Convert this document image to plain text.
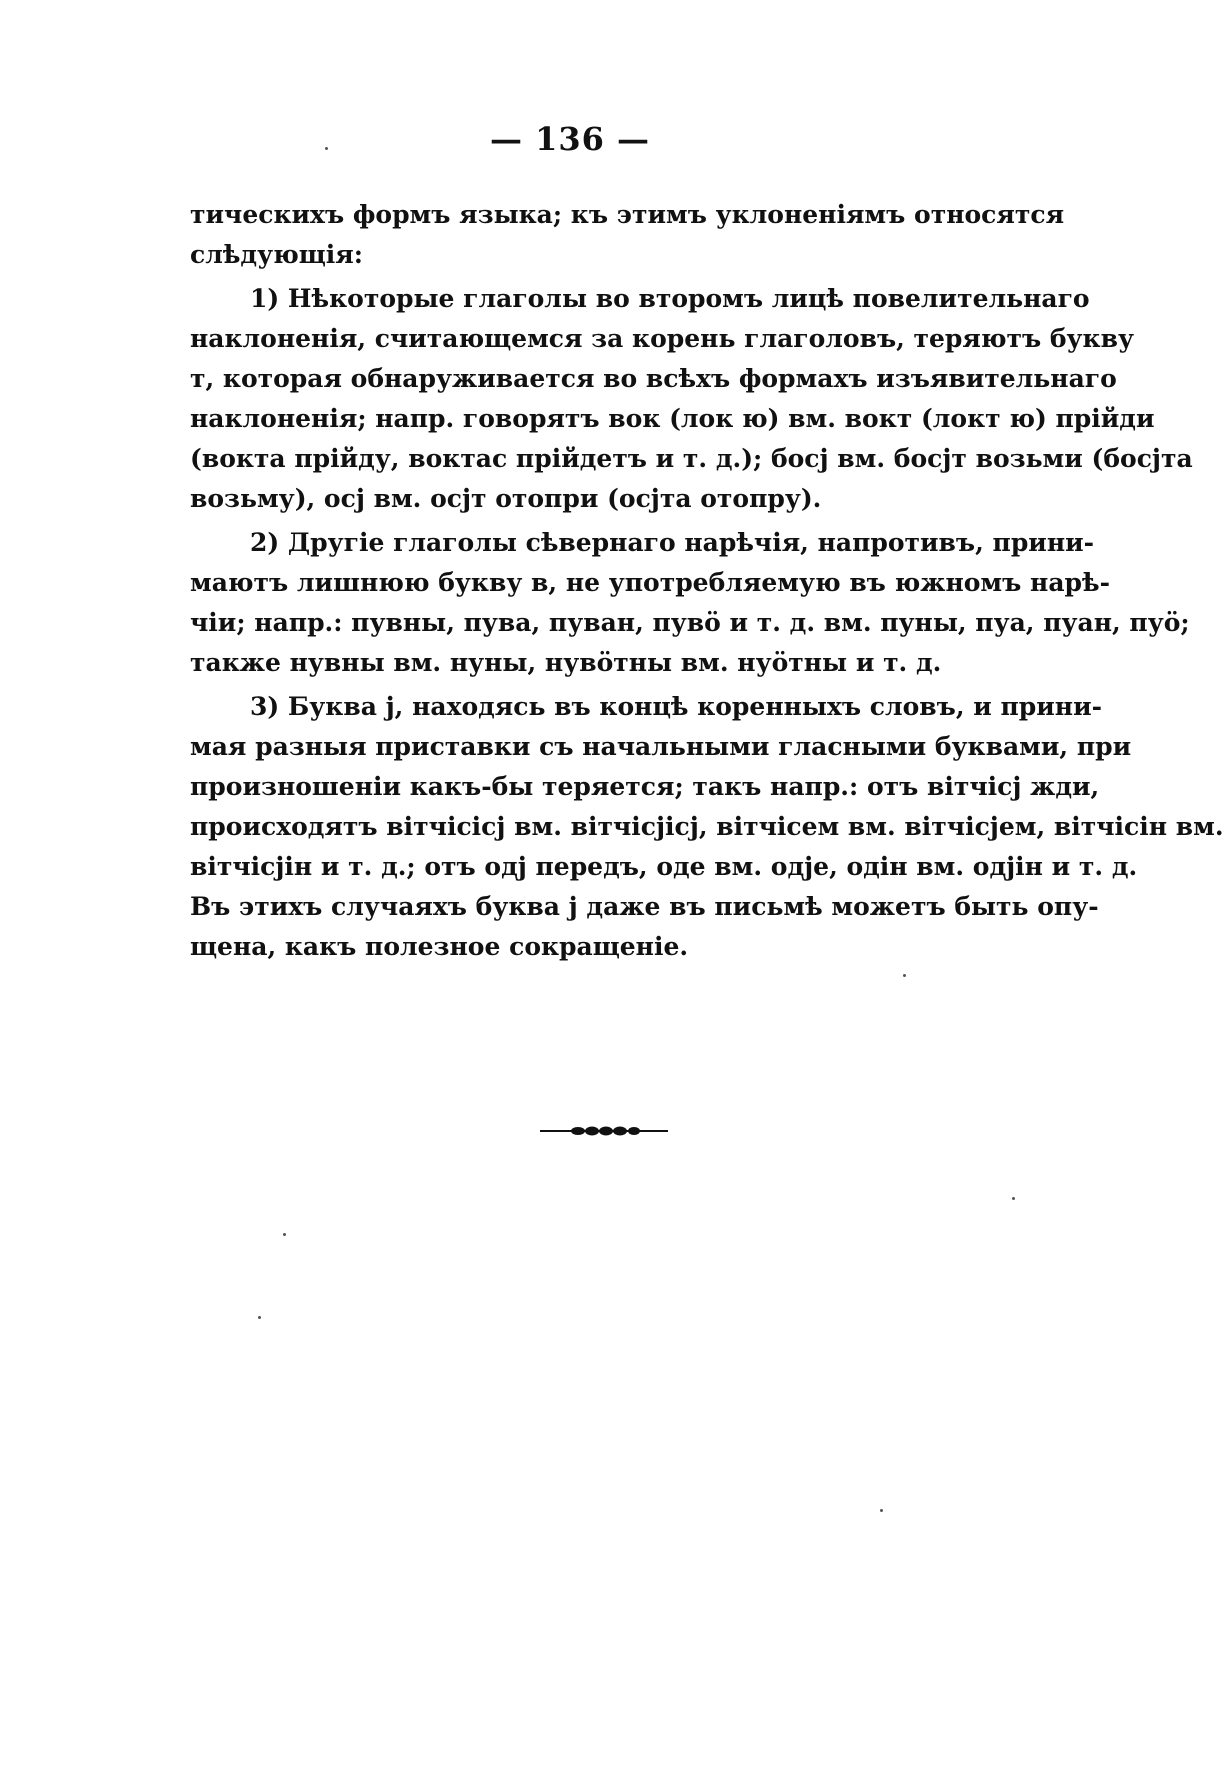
— 136 —
тическихъ формъ языка; къ этимъ уклоненіямъ относятся
слѣдующія:
1) Нѣкоторые глаголы во второмъ лицѣ повелительнаго
наклоненія, считающемся за корень глаголовъ, теряютъ букву
т, которая обнаруживается во всѣхъ формахъ изъявительнаго
наклоненія; напр. говорятъ вок (лок ю) вм. вокт (локт ю) прійди
(вокта прійду, воктас прійдетъ и т. д.); босј вм. босјт возьми (босјта
возьму), осј вм. осјт отопри (осјта отопру).
2) Другіе глаголы сѣвернаго нарѣчія, напротивъ, прини-
маютъ лишнюю букву в, не употребляемую въ южномъ нарѣ-
чіи; напр.: пувны, пува, пуван, пувӧ и т. д. вм. пуны, пуа, пуан, пуӧ;
также нувны вм. нуны, нувӧтны вм. нуӧтны и т. д.
3) Буква ј, находясь въ концѣ коренныхъ словъ, и прини-
мая разныя приставки съ начальными гласными буквами, при
произношеніи какъ-бы теряется; такъ напр.: отъ вітчісј жди,
происходятъ вітчісісј вм. вітчісјісј, вітчісем вм. вітчісјем, вітчісін вм.
вітчісјін и т. д.; отъ одј передъ, оде вм. одје, одін вм. одјін и т. д.
Въ этихъ случаяхъ буква ј даже въ письмѣ можетъ быть опу-
щена, какъ полезное сокращеніе.
